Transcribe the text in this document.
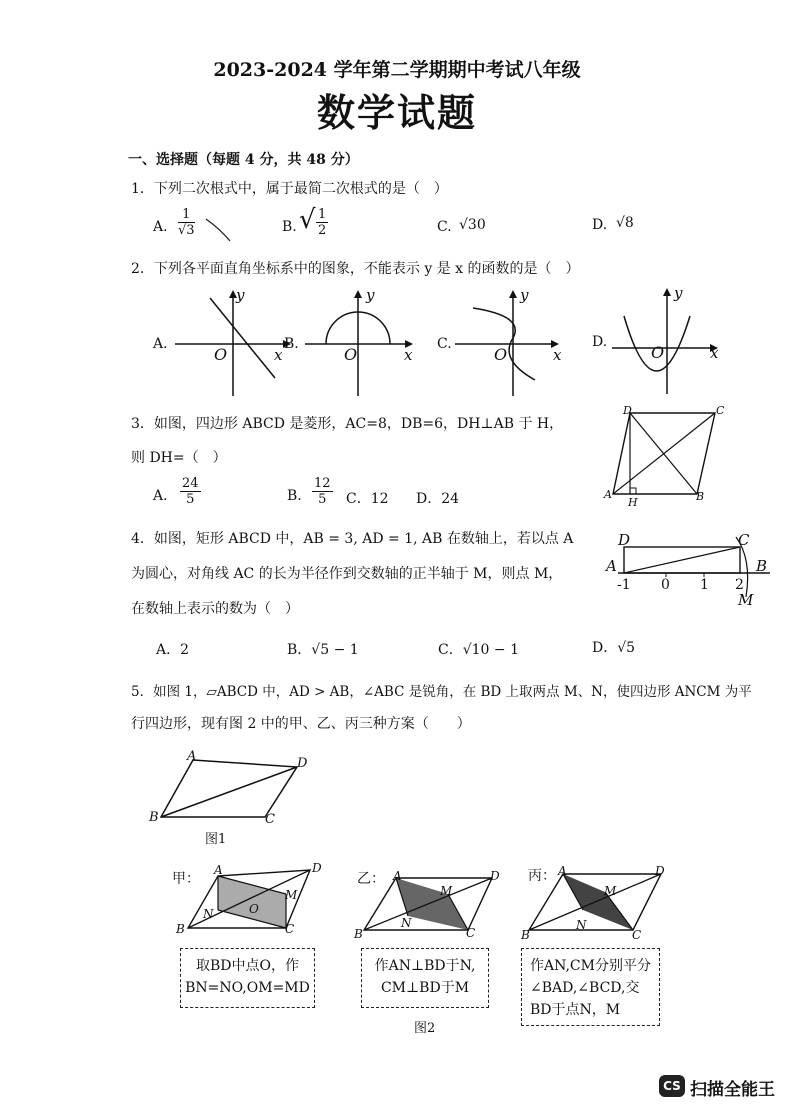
2023-2024 学年第二学期期中考试八年级
数学试题
一、选择题（每题 4 分，共 48 分）
1．下列二次根式中，属于最简二次根式的是（　）
A. $\frac{1}{√3}$	B. √ $\frac{1}{2}$	C. √30	D. √8
2．下列各平面直角坐标系中的图象，不能表示 y 是 x 的函数的是（　）
A.
y
x
O
B.
y
x
O
C.
y
x
O
D.
y
x
O
3．如图，四边形 ABCD 是菱形，AC=8，DB=6，DH⊥AB 于 H，
则 DH=（　）
A. $\frac{24}{5}$	B. $\frac{12}{5}$ C．12 D．24
D	C
A
H	B
4．如图，矩形 ABCD 中，AB = 3, AD = 1, AB 在数轴上，若以点 A
为圆心，对角线 AC 的长为半径作到交数轴的正半轴于 M，则点 M，
在数轴上表示的数为（　）
A．2	B．√5 − 1	C．√10 − 1	D．√5
D	C
A	B
M
-1 0 1 2
5．如图 1，▱ABCD 中，AD > AB，∠ABC 是锐角，在 BD 上取两点 M、N，使四边形 ANCM 为平
行四边形，现有图 2 中的甲、乙、丙三种方案（　　）
A	D
B	C
图1
甲：
A	D
B	C
M
N	O
取BD中点O，作
BN=NO,OM=MD
乙： A	D
B	C
M
N
作AN⊥BD于N,
CM⊥BD于M
丙： A	D
B	C
M
N
作AN,CM分别平分
∠BAD,∠BCD,交
BD于点N，M
图2
CS 扫描全能王
